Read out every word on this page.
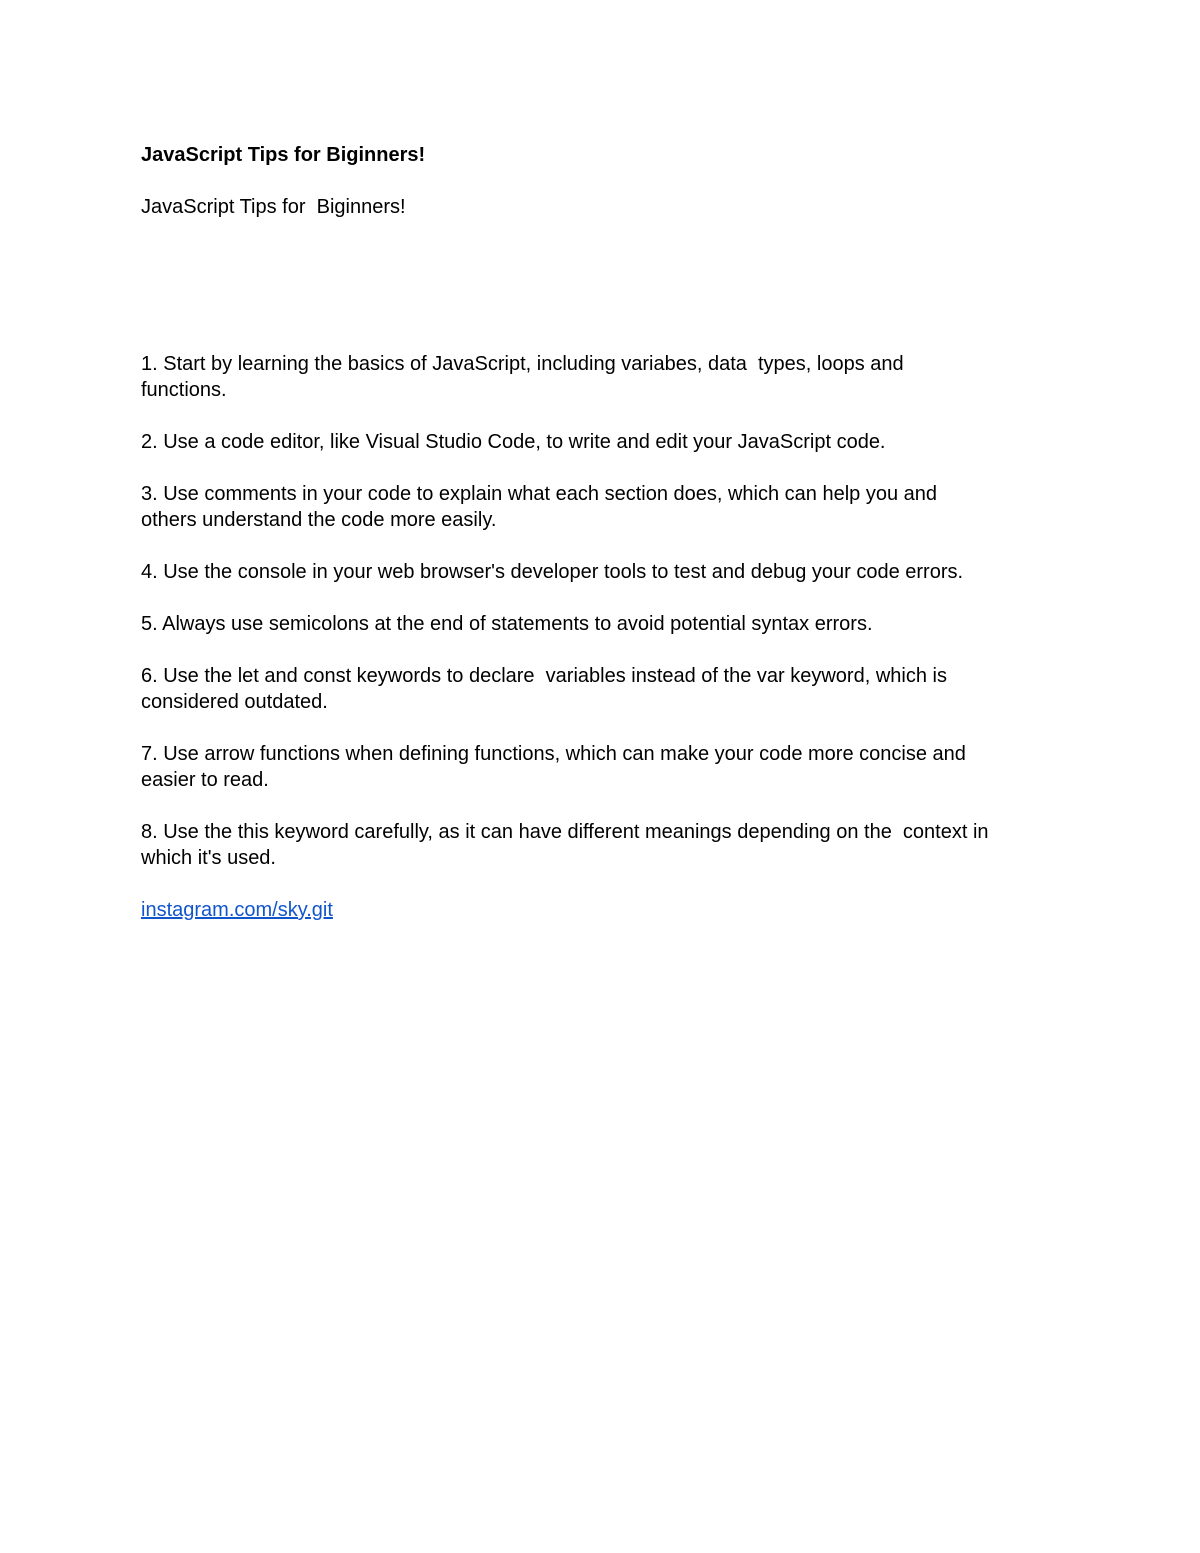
JavaScript Tips for Biginners!

JavaScript Tips for  Biginners!

1. Start by learning the basics of JavaScript, including variabes, data  types, loops and
functions.

2. Use a code editor, like Visual Studio Code, to write and edit your JavaScript code.

3. Use comments in your code to explain what each section does, which can help you and
others understand the code more easily.

4. Use the console in your web browser's developer tools to test and debug your code errors.

5. Always use semicolons at the end of statements to avoid potential syntax errors.

6. Use the let and const keywords to declare  variables instead of the var keyword, which is
considered outdated.

7. Use arrow functions when defining functions, which can make your code more concise and
easier to read.

8. Use the this keyword carefully, as it can have different meanings depending on the  context in
which it's used.

instagram.com/sky.git
